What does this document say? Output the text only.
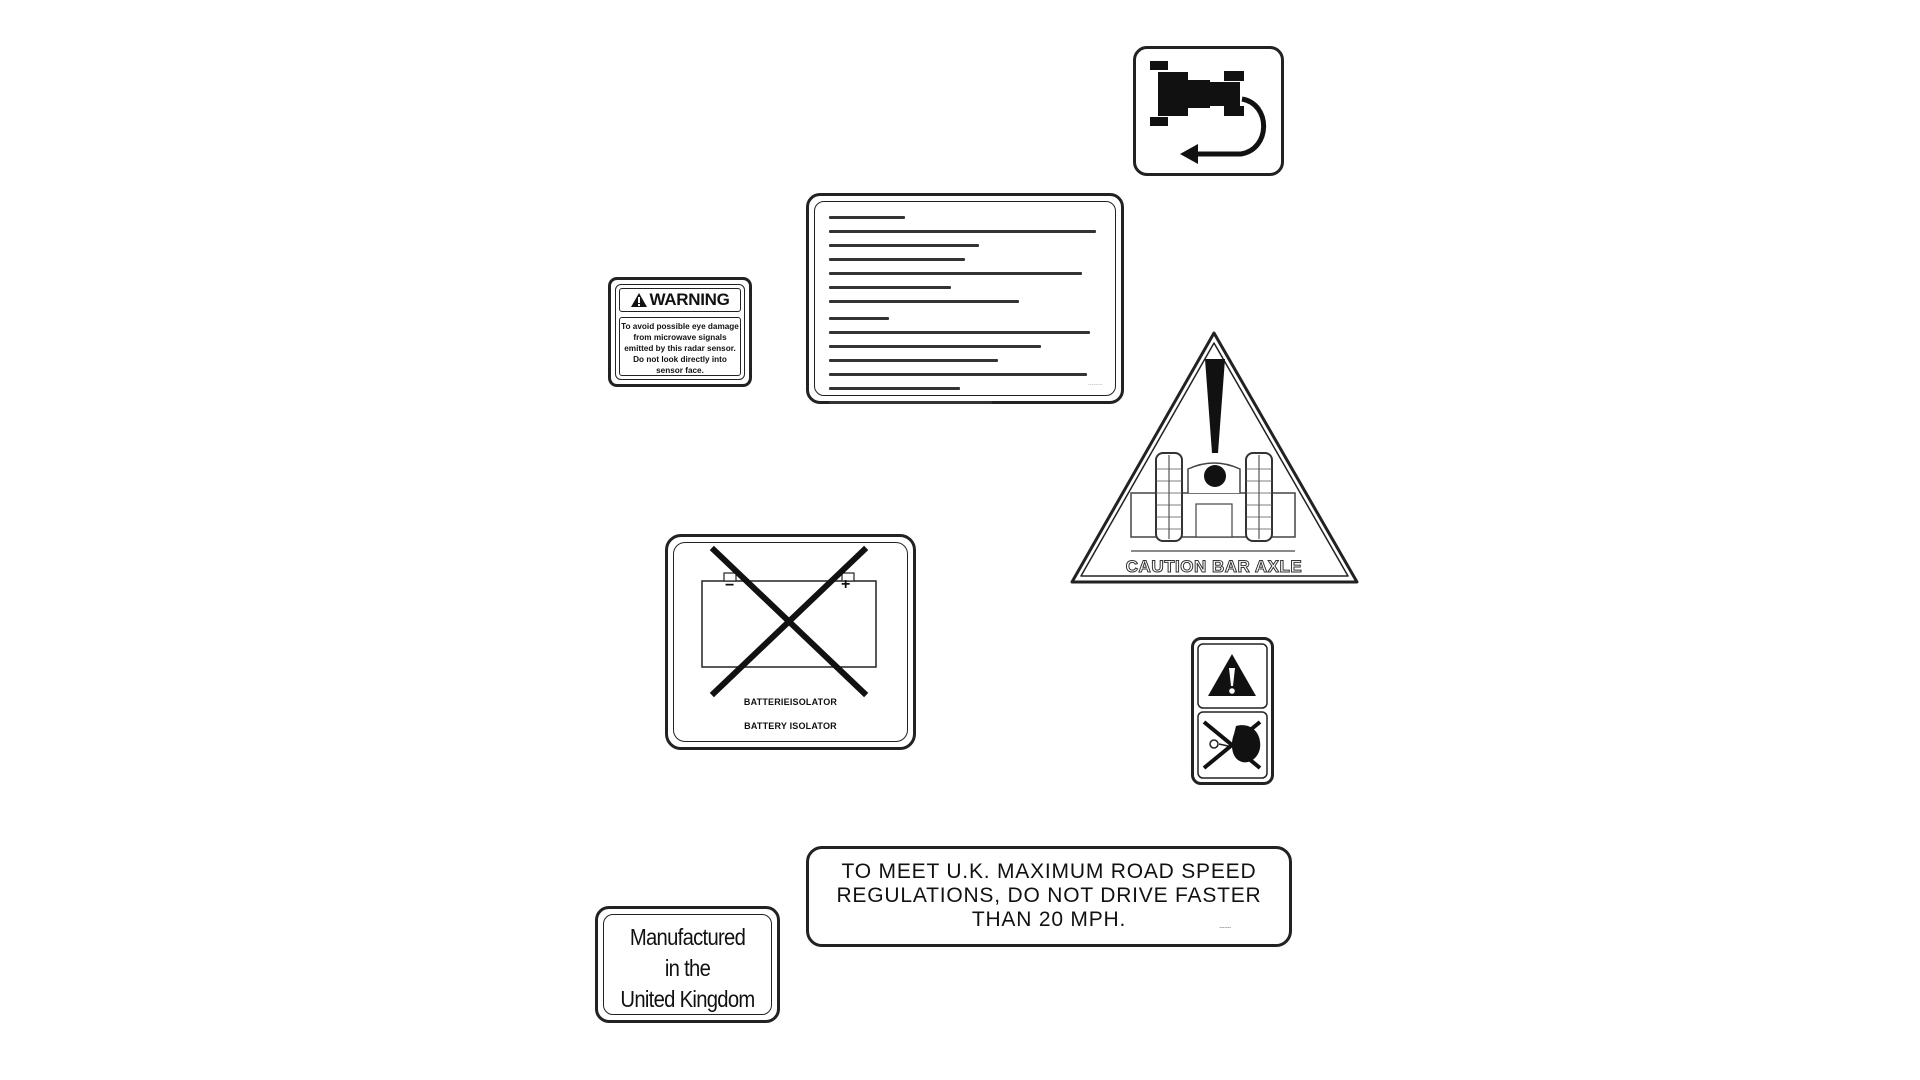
--------
WARNING
To avoid possible eye damage from microwave signals emitted by this radar sensor. Do not look directly into sensor face.
CAUTION BAR AXLE
−	+
BATTERIEISOLATOR
BATTERY ISOLATOR
TO MEET U.K. MAXIMUM ROAD SPEED
REGULATIONS, DO NOT DRIVE FASTER
THAN 20 MPH.	-------
Manufactured
in the
United Kingdom
